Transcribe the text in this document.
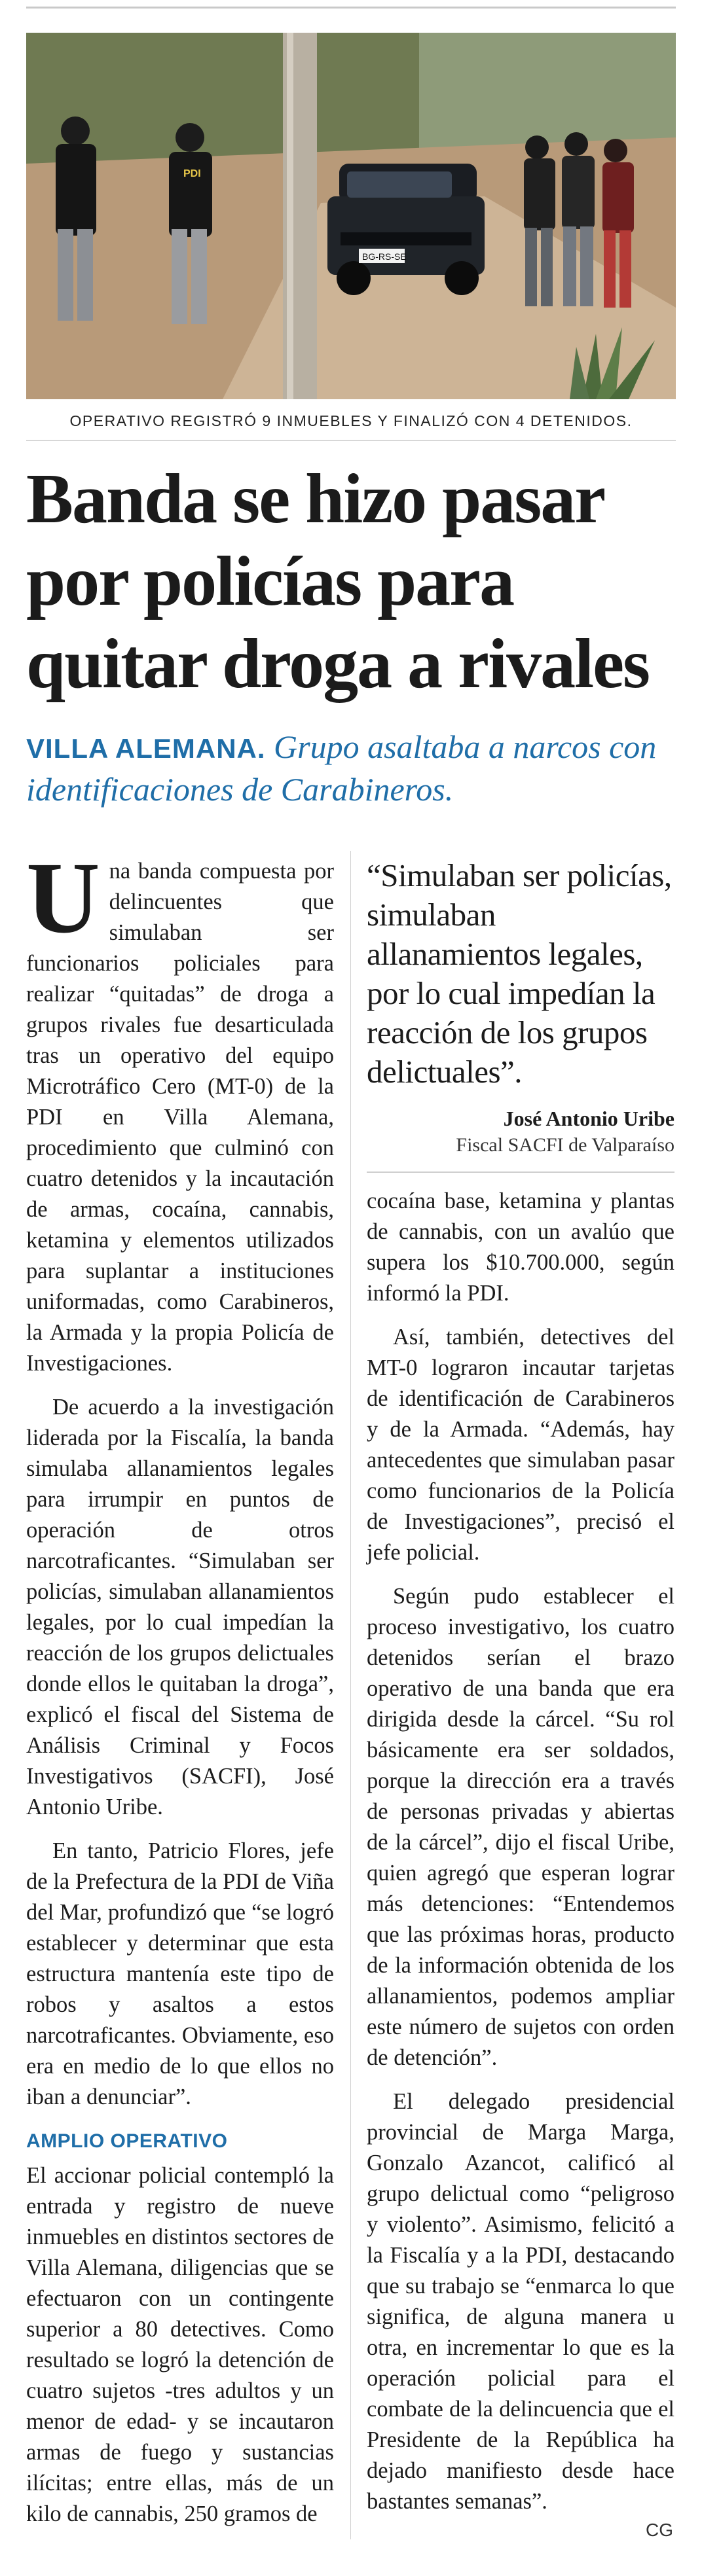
PDI
BG-RS-SE
OPERATIVO REGISTRÓ 9 INMUEBLES Y FINALIZÓ CON 4 DETENIDOS.
Banda se hizo pasar
por policías para
quitar droga a rivales
VILLA ALEMANA. Grupo asaltaba a narcos con identificaciones de Carabineros.

Una banda compuesta por delincuentes que simulaban ser funcionarios policiales para realizar “quitadas” de droga a grupos rivales fue desarticulada tras un operativo del equipo Microtráfico Cero (MT-0) de la PDI en Villa Alemana, procedimiento que culminó con cuatro detenidos y la incautación de armas, cocaína, cannabis, ketamina y elementos utilizados para suplantar a instituciones uniformadas, como Carabineros, la Armada y la propia Policía de Investigaciones.

De acuerdo a la investigación liderada por la Fiscalía, la banda simulaba allanamientos legales para irrumpir en puntos de operación de otros narcotraficantes. “Simulaban ser policías, simulaban allanamientos legales, por lo cual impedían la reacción de los grupos delictuales donde ellos le quitaban la droga”, explicó el fiscal del Sistema de Análisis Criminal y Focos Investigativos (SACFI), José Antonio Uribe.

En tanto, Patricio Flores, jefe de la Prefectura de la PDI de Viña del Mar, profundizó que “se logró establecer y determinar que esta estructura mantenía este tipo de robos y asaltos a estos narcotraficantes. Obviamente, eso era en medio de lo que ellos no iban a denunciar”.

AMPLIO OPERATIVO

El accionar policial contempló la entrada y registro de nueve inmuebles en distintos sectores de Villa Alemana, diligencias que se efectuaron con un contingente superior a 80 detectives. Como resultado se logró la detención de cuatro sujetos -tres adultos y un menor de edad- y se incautaron armas de fuego y sustancias ilícitas; entre ellas, más de un kilo de cannabis, 250 gramos de

“Simulaban ser policías, simulaban allanamientos legales, por lo cual impedían la reacción de los grupos delictuales”.
José Antonio Uribe
Fiscal SACFI de Valparaíso

cocaína base, ketamina y plantas de cannabis, con un avalúo que supera los $10.700.000, según informó la PDI.

Así, también, detectives del MT-0 lograron incautar tarjetas de identificación de Carabineros y de la Armada. “Además, hay antecedentes que simulaban pasar como funcionarios de la Policía de Investigaciones”, precisó el jefe policial.

Según pudo establecer el proceso investigativo, los cuatro detenidos serían el brazo operativo de una banda que era dirigida desde la cárcel. “Su rol básicamente era ser soldados, porque la dirección era a través de personas privadas y abiertas de la cárcel”, dijo el fiscal Uribe, quien agregó que esperan lograr más detenciones: “Entendemos que las próximas horas, producto de la información obtenida de los allanamientos, podemos ampliar este número de sujetos con orden de detención”.

El delegado presidencial provincial de Marga Marga, Gonzalo Azancot, calificó al grupo delictual como “peligroso y violento”. Asimismo, felicitó a la Fiscalía y a la PDI, destacando que su trabajo se “enmarca lo que significa, de alguna manera u otra, en incrementar lo que es la operación policial para el combate de la delincuencia que el Presidente de la República ha dejado manifiesto desde hace bastantes semanas”.

CG
